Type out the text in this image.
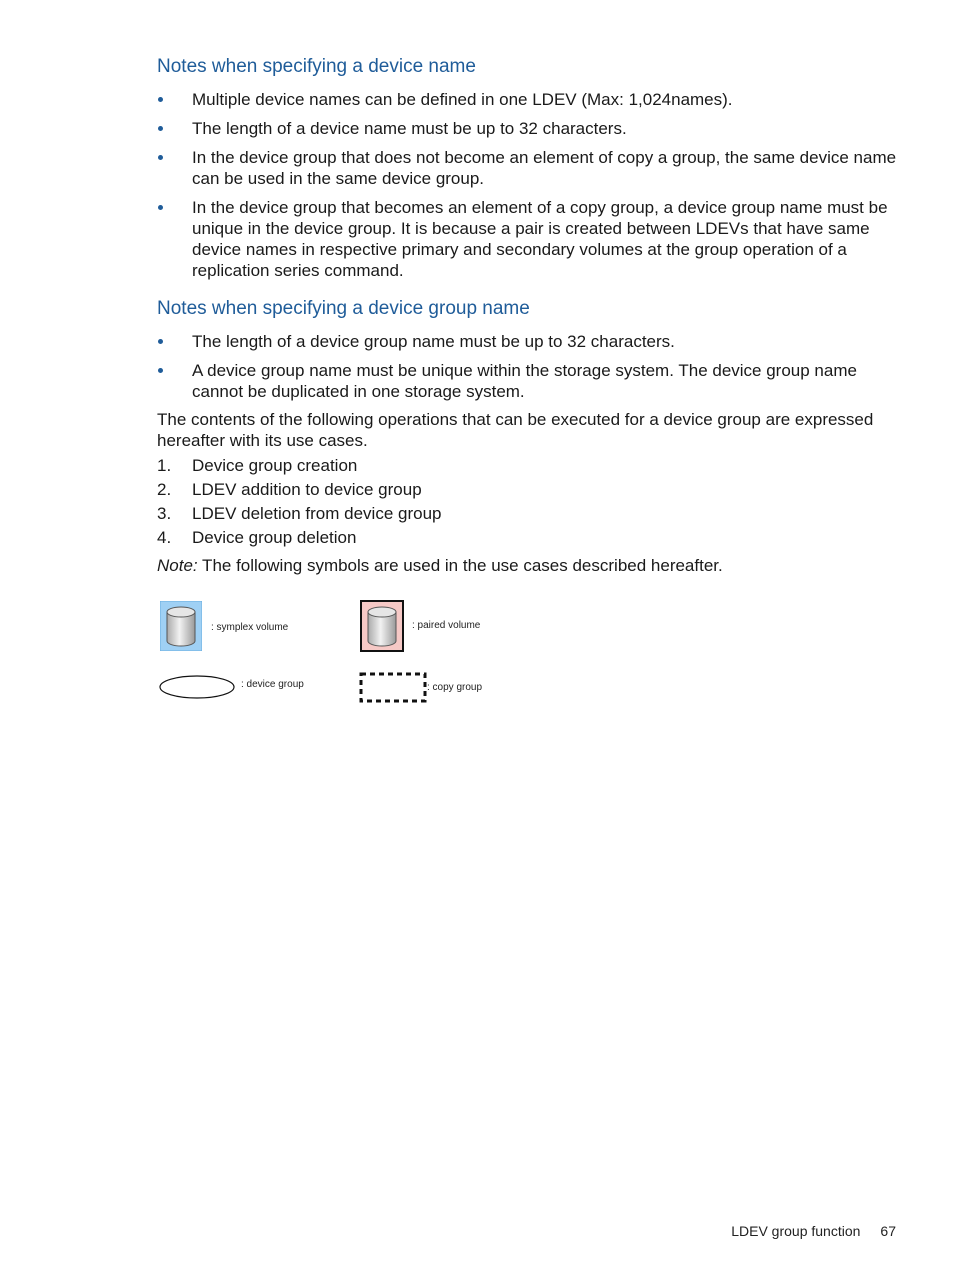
Notes when specifying a device name
Multiple device names can be defined in one LDEV (Max: 1,024names).
The length of a device name must be up to 32 characters.
In the device group that does not become an element of copy a group, the same device name can be used in the same device group.
In the device group that becomes an element of a copy group, a device group name must be unique in the device group. It is because a pair is created between LDEVs that have same device names in respective primary and secondary volumes at the group operation of a replication series command.
Notes when specifying a device group name
The length of a device group name must be up to 32 characters.
A device group name must be unique within the storage system. The device group name cannot be duplicated in one storage system.

The contents of the following operations that can be executed for a device group are expressed hereafter with its use cases.

1. Device group creation
2. LDEV addition to device group
3. LDEV deletion from device group
4. Device group deletion

Note: The following symbols are used in the use cases described hereafter.

: symplex volume	: paired volume
: device group	: copy group
LDEV group function 67
